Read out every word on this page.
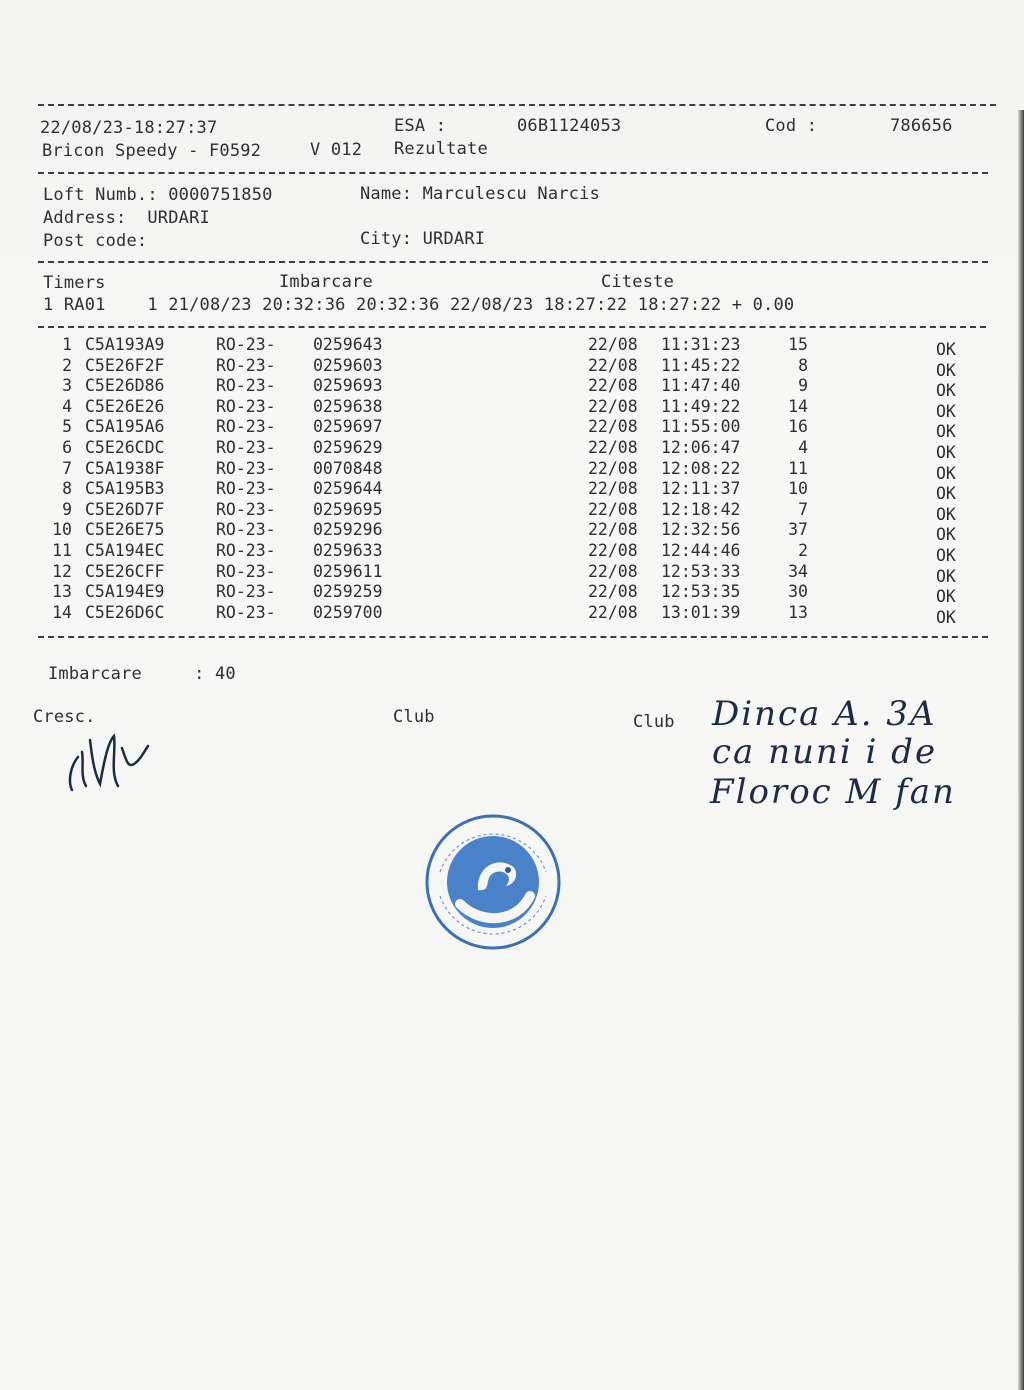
22/08/23-18:27:37	ESA :	06B1124053	Cod :	786656
Bricon Speedy - F0592	V 012 Rezultate
Loft Numb.: 0000751850	Name: Marculescu Narcis
Address: URDARI
Post code:	City: URDARI
Timers	Imbarcare	Citeste
1 RA01    1 21/08/23 20:32:36 20:32:36 22/08/23 18:27:22 18:27:22 + 0.00
1 C5A193A9	RO-23- 0259643	22/08 11:31:23	15	OK
2 C5E26F2F	RO-23- 0259603	22/08 11:45:22	8	OK
3 C5E26D86	RO-23- 0259693	22/08 11:47:40	9	OK
4 C5E26E26	RO-23- 0259638	22/08 11:49:22	14	OK
5 C5A195A6	RO-23- 0259697	22/08 11:55:00	16	OK
6 C5E26CDC	RO-23- 0259629	22/08 12:06:47	4	OK
7 C5A1938F	RO-23- 0070848	22/08 12:08:22	11	OK
8 C5A195B3	RO-23- 0259644	22/08 12:11:37	10	OK
9 C5E26D7F	RO-23- 0259695	22/08 12:18:42	7	OK
10 C5E26E75	RO-23- 0259296	22/08 12:32:56	37	OK
11 C5A194EC	RO-23- 0259633	22/08 12:44:46	2	OK
12 C5E26CFF	RO-23- 0259611	22/08 12:53:33	34	OK
13 C5A194E9	RO-23- 0259259	22/08 12:53:35	30	OK
14 C5E26D6C	RO-23- 0259700	22/08 13:01:39	13	OK
Imbarcare     : 40
Cresc.	Club	Club Dinca A. 3A
ca nuni i de
Floroc M fan
